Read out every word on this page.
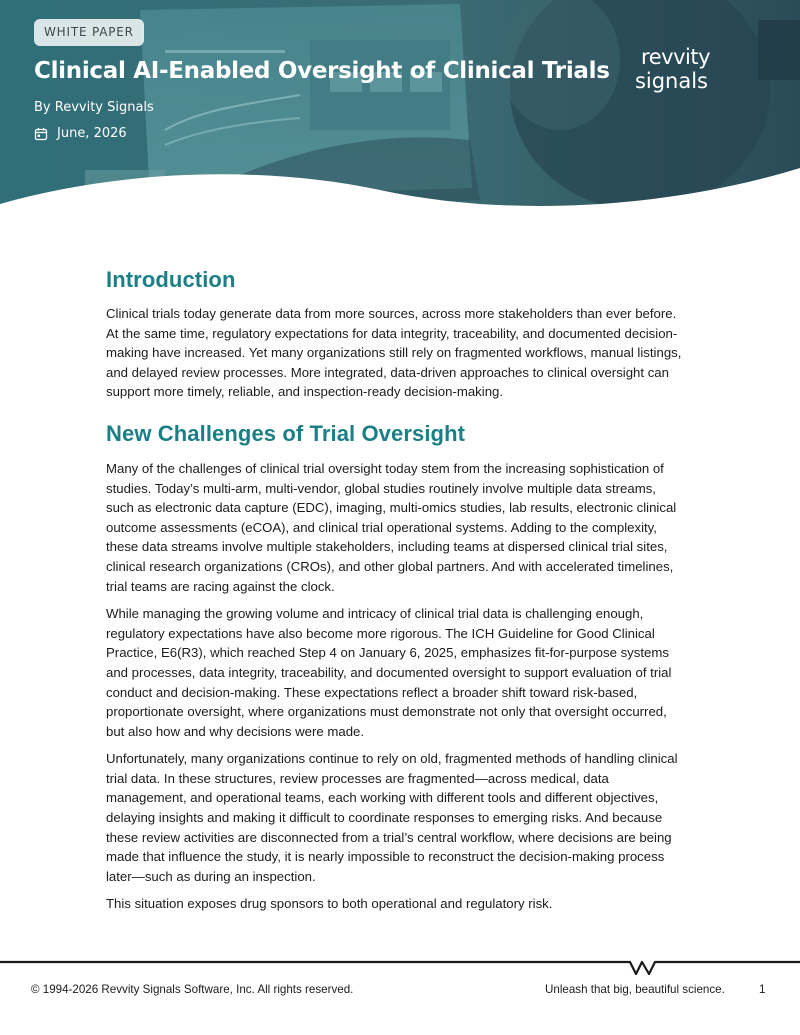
WHITE PAPER
Clinical AI-Enabled Oversight of Clinical Trials
By Revvity Signals
June, 2026
revvity
signals
Introduction

Clinical trials today generate data from more sources, across more stakeholders than ever before. At the same time, regulatory expectations for data integrity, traceability, and documented decision-making have increased. Yet many organizations still rely on fragmented workflows, manual listings, and delayed review processes. More integrated, data-driven approaches to clinical oversight can support more timely, reliable, and inspection-ready decision-making.

New Challenges of Trial Oversight

Many of the challenges of clinical trial oversight today stem from the increasing sophistication of studies. Today’s multi-arm, multi-vendor, global studies routinely involve multiple data streams, such as electronic data capture (EDC), imaging, multi-omics studies, lab results, electronic clinical outcome assessments (eCOA), and clinical trial operational systems. Adding to the complexity, these data streams involve multiple stakeholders, including teams at dispersed clinical trial sites, clinical research organizations (CROs), and other global partners. And with accelerated timelines, trial teams are racing against the clock.

While managing the growing volume and intricacy of clinical trial data is challenging enough, regulatory expectations have also become more rigorous. The ICH Guideline for Good Clinical Practice, E6(R3), which reached Step 4 on January 6, 2025, emphasizes fit-for-purpose systems and processes, data integrity, traceability, and documented oversight to support evaluation of trial conduct and decision-making. These expectations reflect a broader shift toward risk-based, proportionate oversight, where organizations must demonstrate not only that oversight occurred, but also how and why decisions were made.

Unfortunately, many organizations continue to rely on old, fragmented methods of handling clinical trial data. In these structures, review processes are fragmented—across medical, data management, and operational teams, each working with different tools and different objectives, delaying insights and making it difficult to coordinate responses to emerging risks. And because these review activities are disconnected from a trial’s central workflow, where decisions are being made that influence the study, it is nearly impossible to reconstruct the decision-making process later—such as during an inspection.

This situation exposes drug sponsors to both operational and regulatory risk.

© 1994-2026 Revvity Signals Software, Inc. All rights reserved.	Unleash that big, beautiful science.	1
